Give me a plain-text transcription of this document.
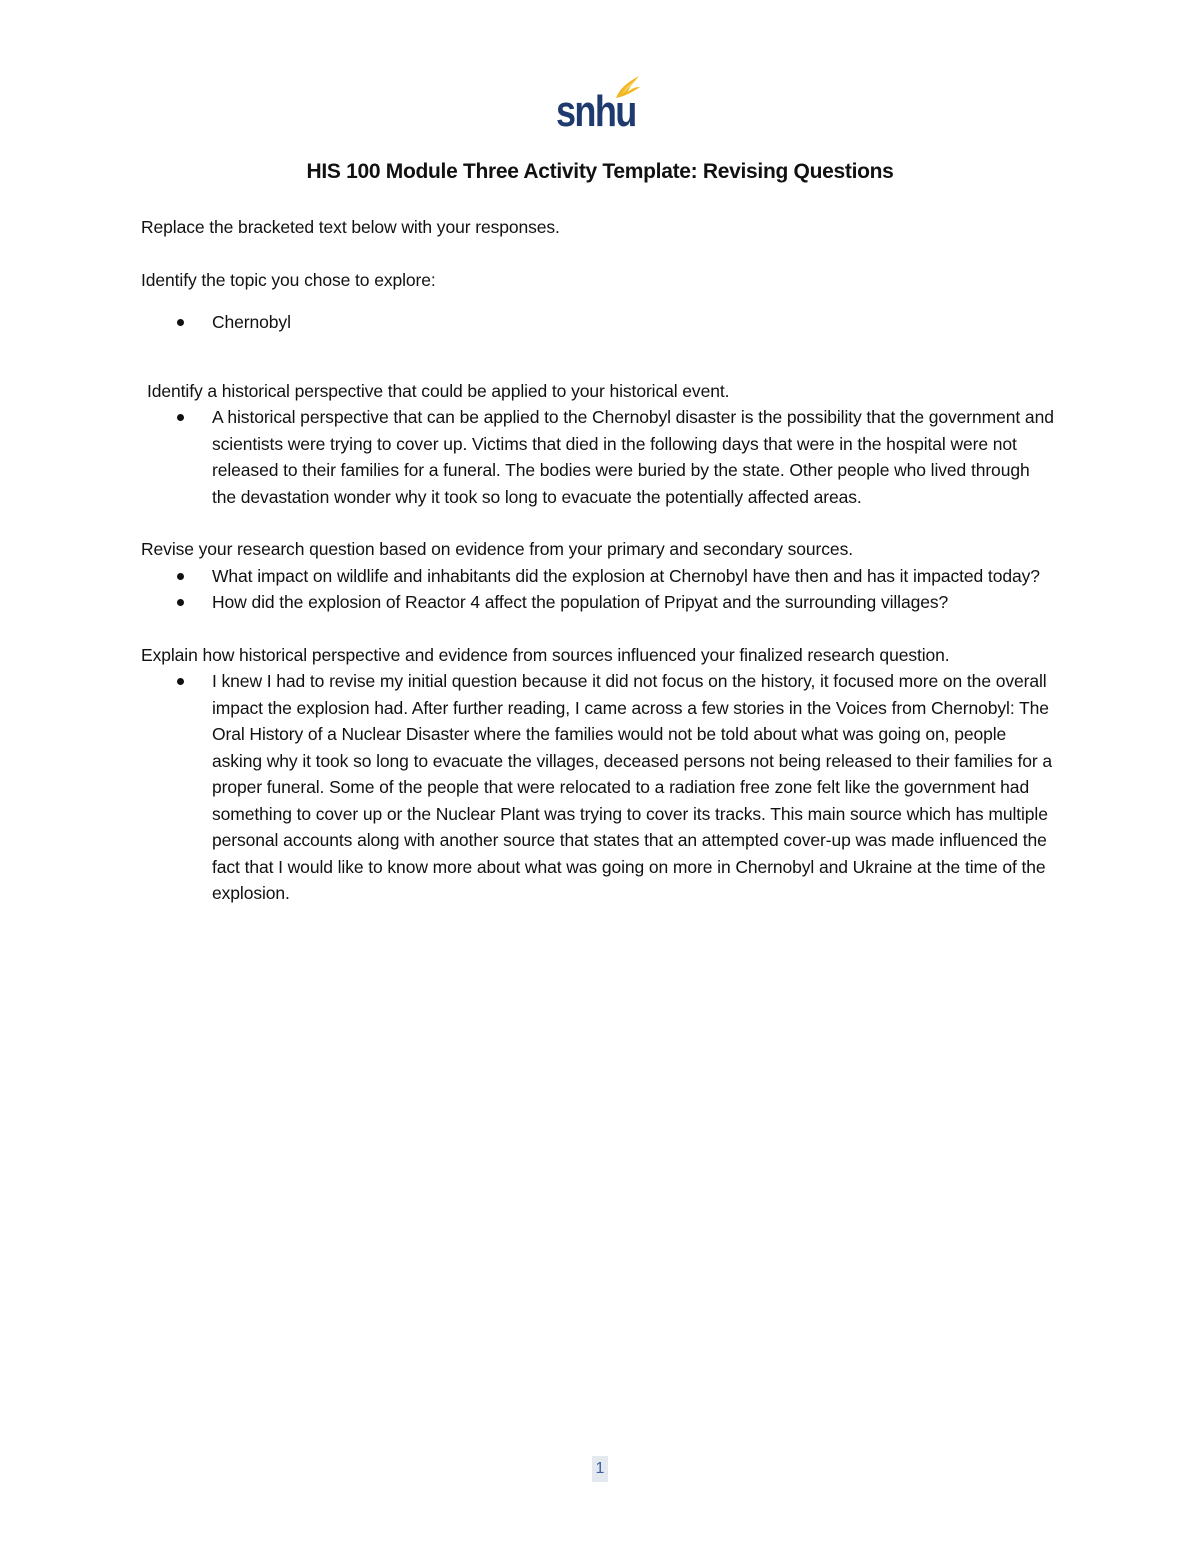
snhu
HIS 100 Module Three Activity Template: Revising Questions

Replace the bracketed text below with your responses.

Identify the topic you chose to explore:

Chernobyl

Identify a historical perspective that could be applied to your historical event.

A historical perspective that can be applied to the Chernobyl disaster is the possibility that the government and scientists were trying to cover up. Victims that died in the following days that were in the hospital were not released to their families for a funeral. The bodies were buried by the state. Other people who lived through the devastation wonder why it took so long to evacuate the potentially affected areas.

Revise your research question based on evidence from your primary and secondary sources.

What impact on wildlife and inhabitants did the explosion at Chernobyl have then and has it impacted today?
How did the explosion of Reactor 4 affect the population of Pripyat and the surrounding villages?

Explain how historical perspective and evidence from sources influenced your finalized research question.

I knew I had to revise my initial question because it did not focus on the history, it focused more on the overall impact the explosion had. After further reading, I came across a few stories in the Voices from Chernobyl: The Oral History of a Nuclear Disaster where the families would not be told about what was going on, people asking why it took so long to evacuate the villages, deceased persons not being released to their families for a proper funeral. Some of the people that were relocated to a radiation free zone felt like the government had something to cover up or the Nuclear Plant was trying to cover its tracks. This main source which has multiple personal accounts along with another source that states that an attempted cover-up was made influenced the fact that I would like to know more about what was going on more in Chernobyl and Ukraine at the time of the explosion.
1
